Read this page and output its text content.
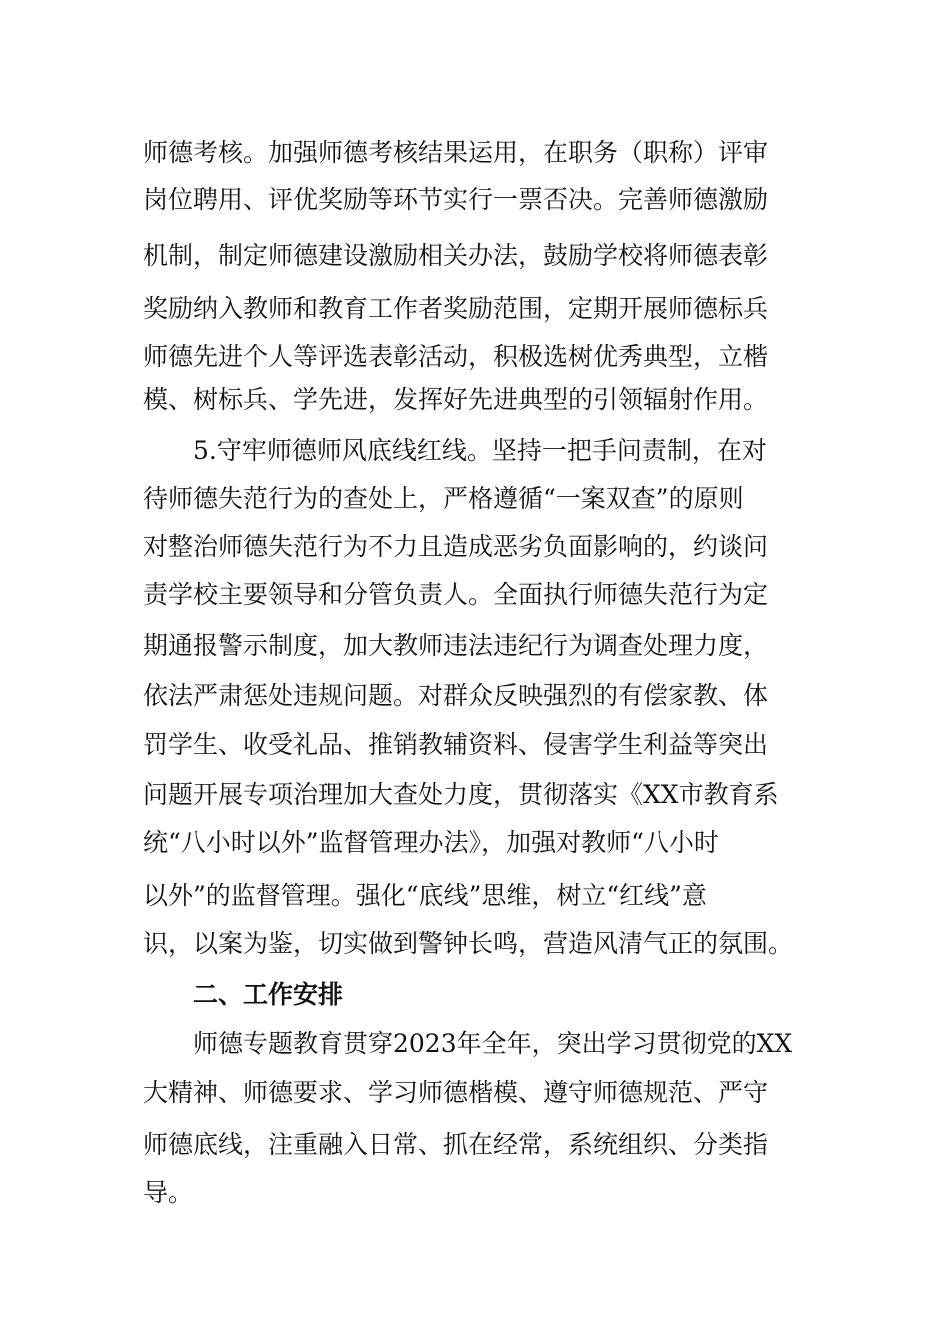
师德考核。加强师德考核结果运用，在职务（职称）评审
岗位聘用、评优奖励等环节实行一票否决。完善师德激励
机制，制定师德建设激励相关办法，鼓励学校将师德表彰
奖励纳入教师和教育工作者奖励范围，定期开展师德标兵
师德先进个人等评选表彰活动，积极选树优秀典型，立楷
模、树标兵、学先进，发挥好先进典型的引领辐射作用。
5.守牢师德师风底线红线。坚持一把手问责制，在对
待师德失范行为的查处上，严格遵循“一案双查”的原则
对整治师德失范行为不力且造成恶劣负面影响的，约谈问
责学校主要领导和分管负责人。全面执行师德失范行为定
期通报警示制度，加大教师违法违纪行为调查处理力度，
依法严肃惩处违规问题。对群众反映强烈的有偿家教、体
罚学生、收受礼品、推销教辅资料、侵害学生利益等突出
问题开展专项治理加大查处力度，贯彻落实《XX市教育系
统“八小时以外”监督管理办法》，加强对教师“八小时
以外”的监督管理。强化“底线”思维，树立“红线”意
识，以案为鉴，切实做到警钟长鸣，营造风清气正的氛围。
二、工作安排
师德专题教育贯穿2023年全年，突出学习贯彻党的XX
大精神、师德要求、学习师德楷模、遵守师德规范、严守
师德底线，注重融入日常、抓在经常，系统组织、分类指
导。
